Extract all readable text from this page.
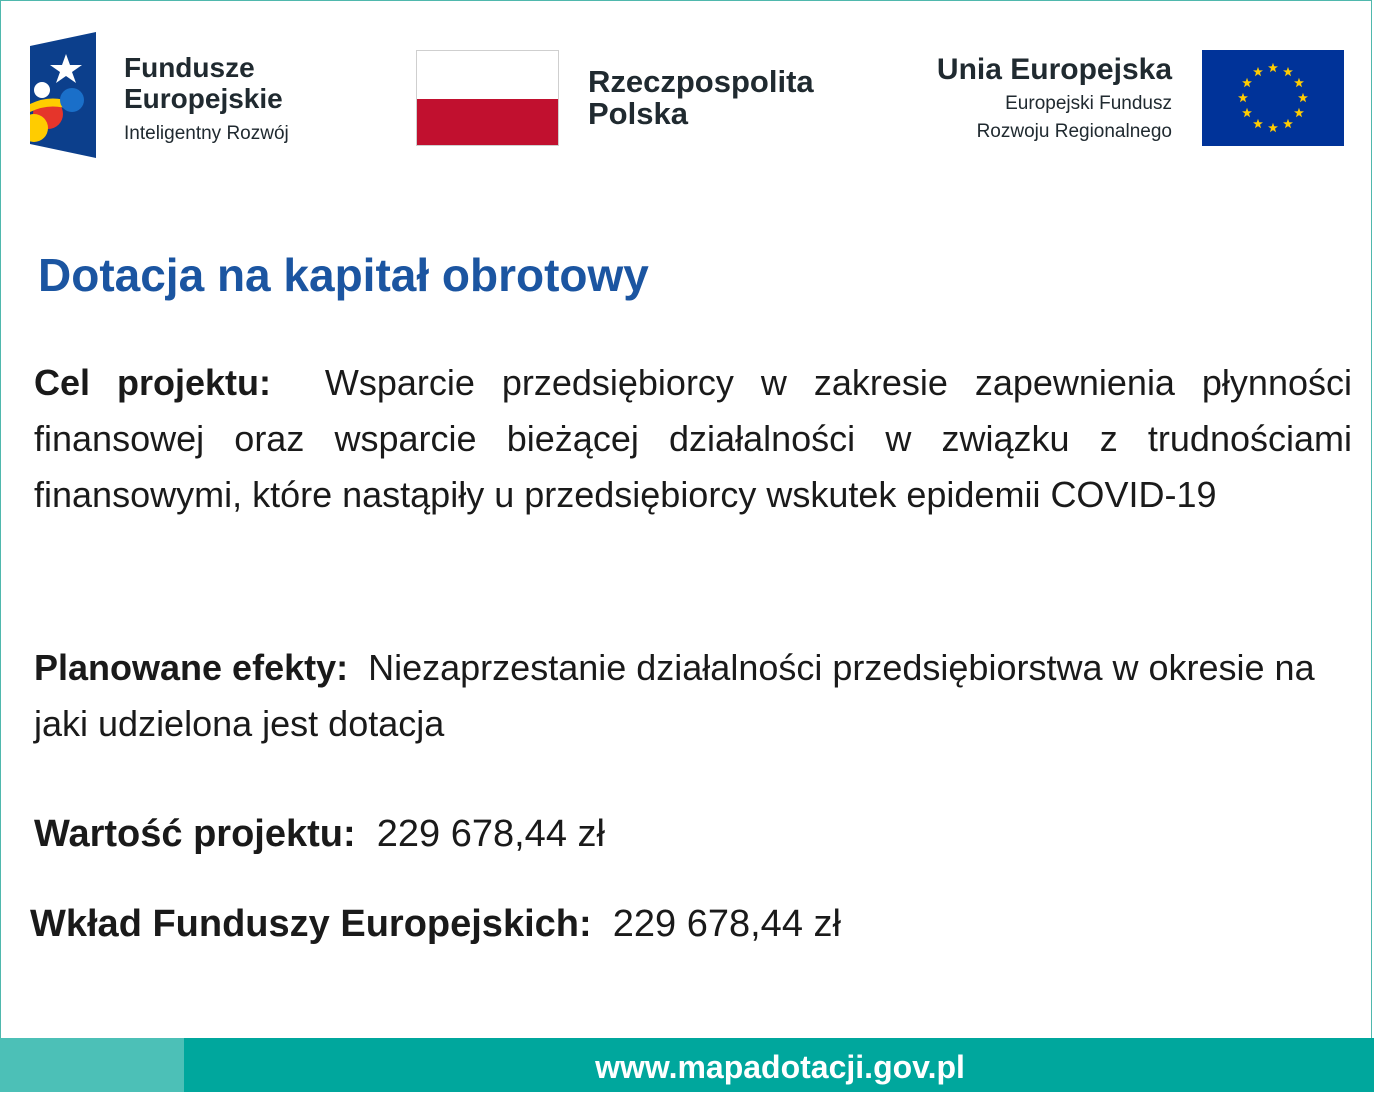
Fundusze
Europejskie
Inteligentny Rozwój
Rzeczpospolita
Polska
Unia Europejska
Europejski Fundusz
Rozwoju Regionalnego
Dotacja na kapitał obrotowy
Cel projektu: Wsparcie przedsiębiorcy w zakresie zapewnienia płynności finansowej oraz wsparcie bieżącej działalności w związku z trudnościami finansowymi, które nastąpiły u przedsiębiorcy wskutek epidemii COVID-19
Planowane efekty: Niezaprzestanie działalności przedsiębiorstwa w okresie na jaki udzielona jest dotacja
Wartość projektu: 229 678,44 zł
Wkład Funduszy Europejskich: 229 678,44 zł
www.mapadotacji.gov.pl
